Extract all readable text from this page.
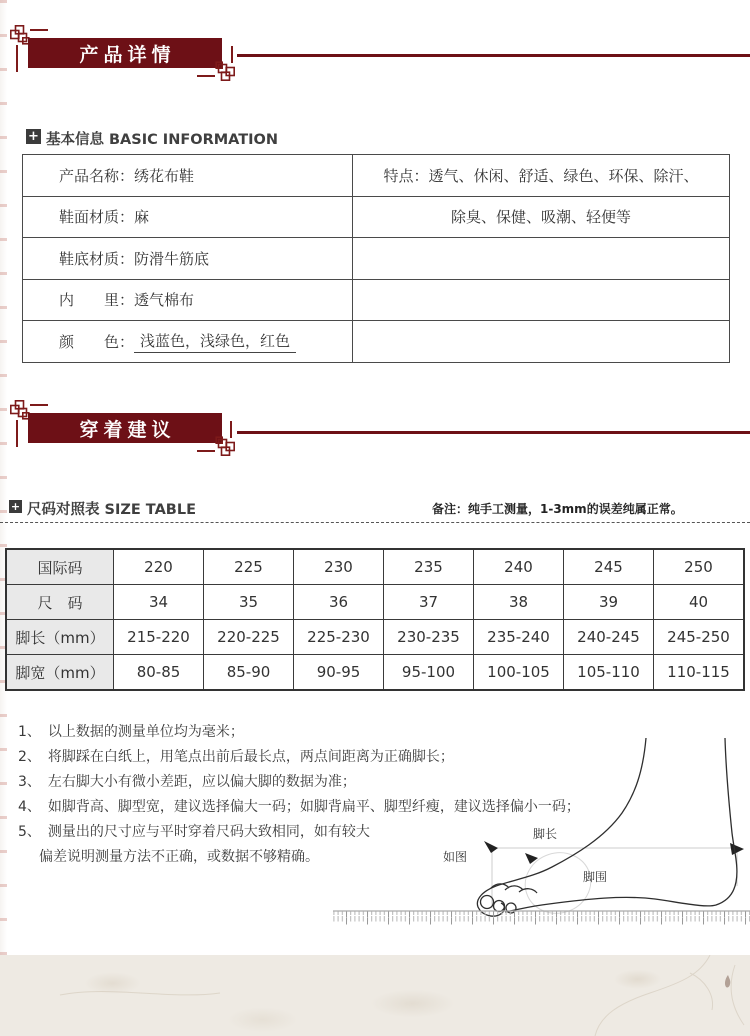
产品详情
+ 基本信息 BASIC INFORMATION
产品名称： 绣花布鞋	特点：透气、休闲、舒适、绿色、环保、除汗、
鞋面材质： 麻	除臭、保健、吸潮、轻便等
鞋底材质： 防滑牛筋底
内　　里： 透气棉布
颜　　色： 浅蓝色，浅绿色，红色
穿着建议
+ 尺码对照表 SIZE TABLE	备注：纯手工测量，1-3mm的误差纯属正常。
国际码	220	225	230	235	240	245	250
尺　码	34	35	36	37	38	39	40
脚长（mm）	215-220	220-225	225-230	230-235	235-240	240-245	245-250
脚宽（mm）	80-85	85-90	90-95	95-100	100-105	105-110	110-115
1、 以上数据的测量单位均为毫米；
2、 将脚踩在白纸上，用笔点出前后最长点，两点间距离为正确脚长；
3、 左右脚大小有微小差距，应以偏大脚的数据为准；
4、 如脚背高、脚型宽，建议选择偏大一码；如脚背扁平、脚型纤瘦，建议选择偏小一码；
5、 测量出的尺寸应与平时穿着尺码大致相同，如有较大
偏差说明测量方法不正确，或数据不够精确。
脚长
如图
脚围
